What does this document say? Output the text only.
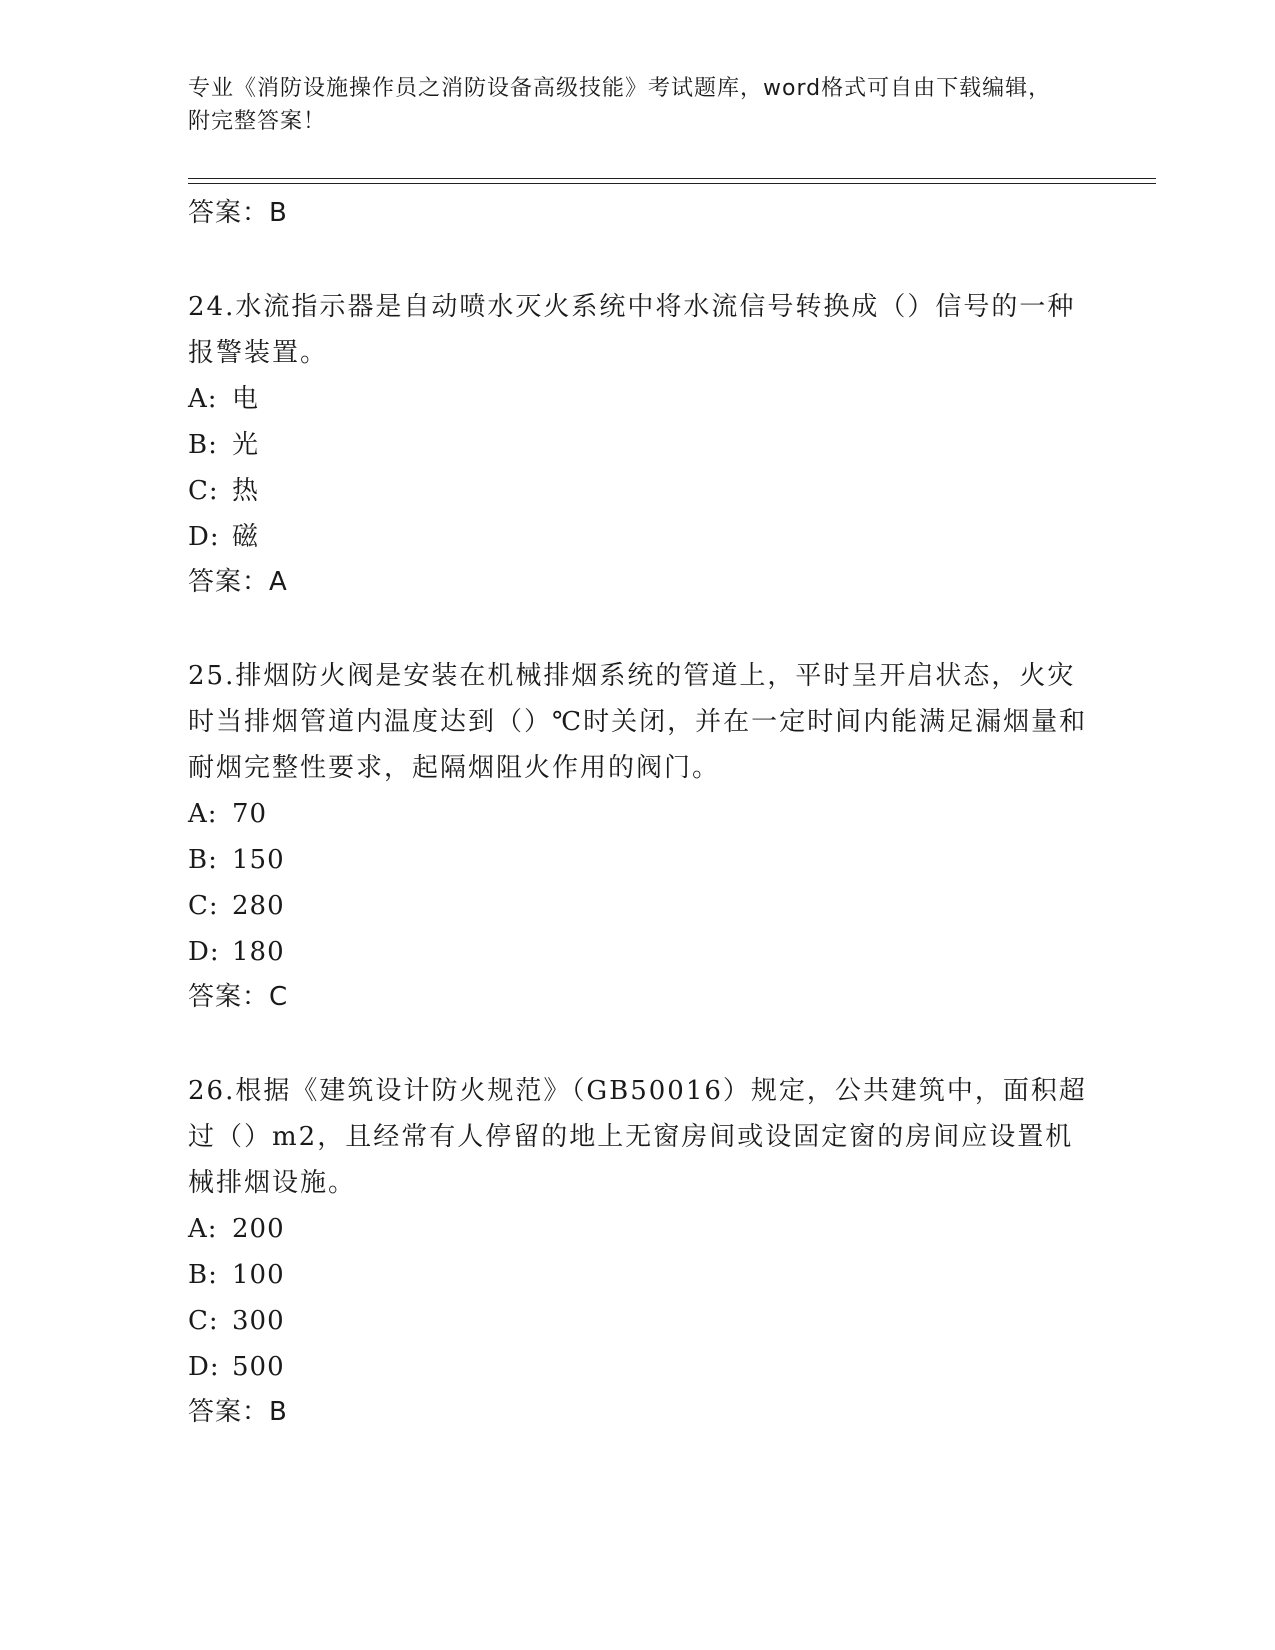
专业《消防设施操作员之消防设备高级技能》考试题库，word格式可自由下载编辑，附完整答案！
答案：B
24.水流指示器是自动喷水灭火系统中将水流信号转换成（）信号的一种报警装置。
A: 电
B: 光
C: 热
D: 磁
答案：A
25.排烟防火阀是安装在机械排烟系统的管道上，平时呈开启状态，火灾时当排烟管道内温度达到（）℃时关闭，并在一定时间内能满足漏烟量和耐烟完整性要求，起隔烟阻火作用的阀门。
A: 70
B: 150
C: 280
D: 180
答案：C
26.根据《建筑设计防火规范》（GB50016）规定，公共建筑中，面积超过（）m2，且经常有人停留的地上无窗房间或设固定窗的房间应设置机械排烟设施。
A: 200
B: 100
C: 300
D: 500
答案：B
